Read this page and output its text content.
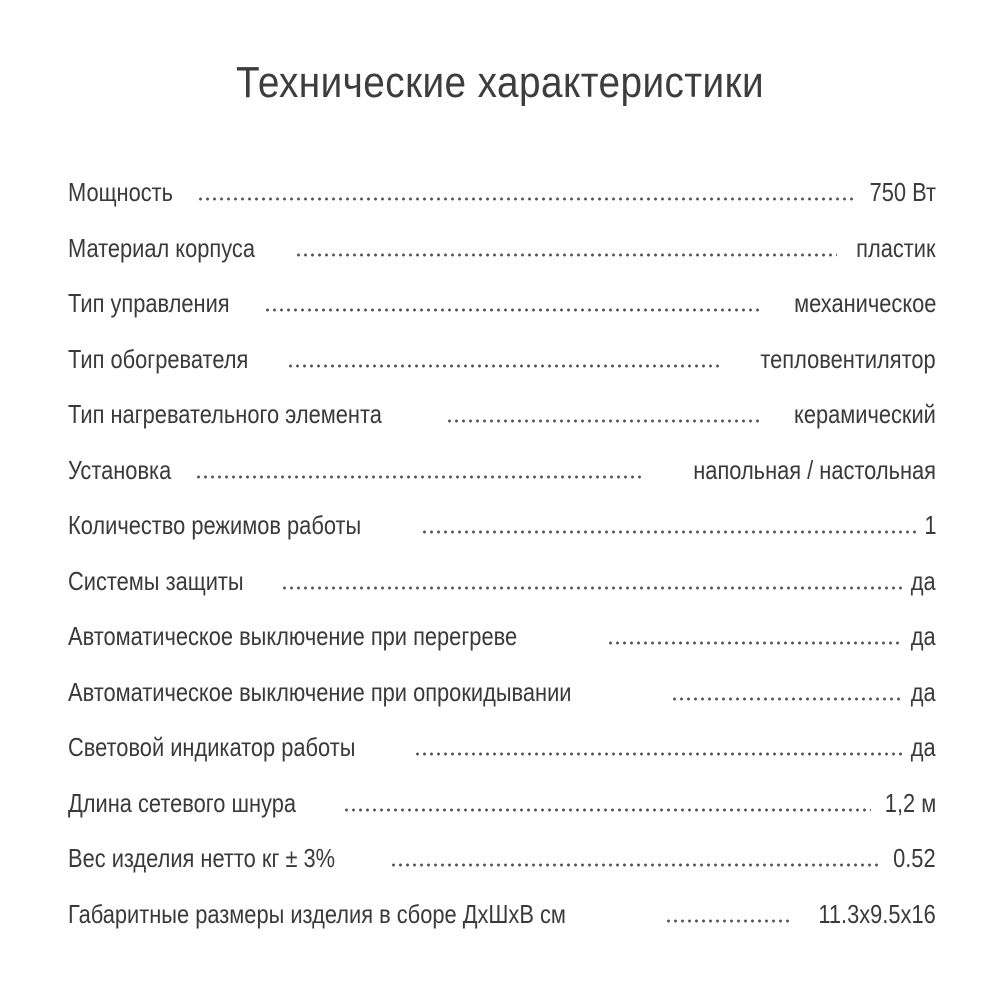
Технические характеристики
Мощность	750 Вт
Материал корпуса	пластик
Тип управления	механическое
Тип обогревателя	тепловентилятор
Тип нагревательного элемента	керамический
Установка	напольная / настольная
Количество режимов работы	1
Системы защиты	да
Автоматическое выключение при перегреве	да
Автоматическое выключение при опрокидывании	да
Световой индикатор работы	да
Длина сетевого шнура	1,2 м
Вес изделия нетто кг ± 3%	0.52
Габаритные размеры изделия в сборе ДхШхВ см	11.3х9.5х16
